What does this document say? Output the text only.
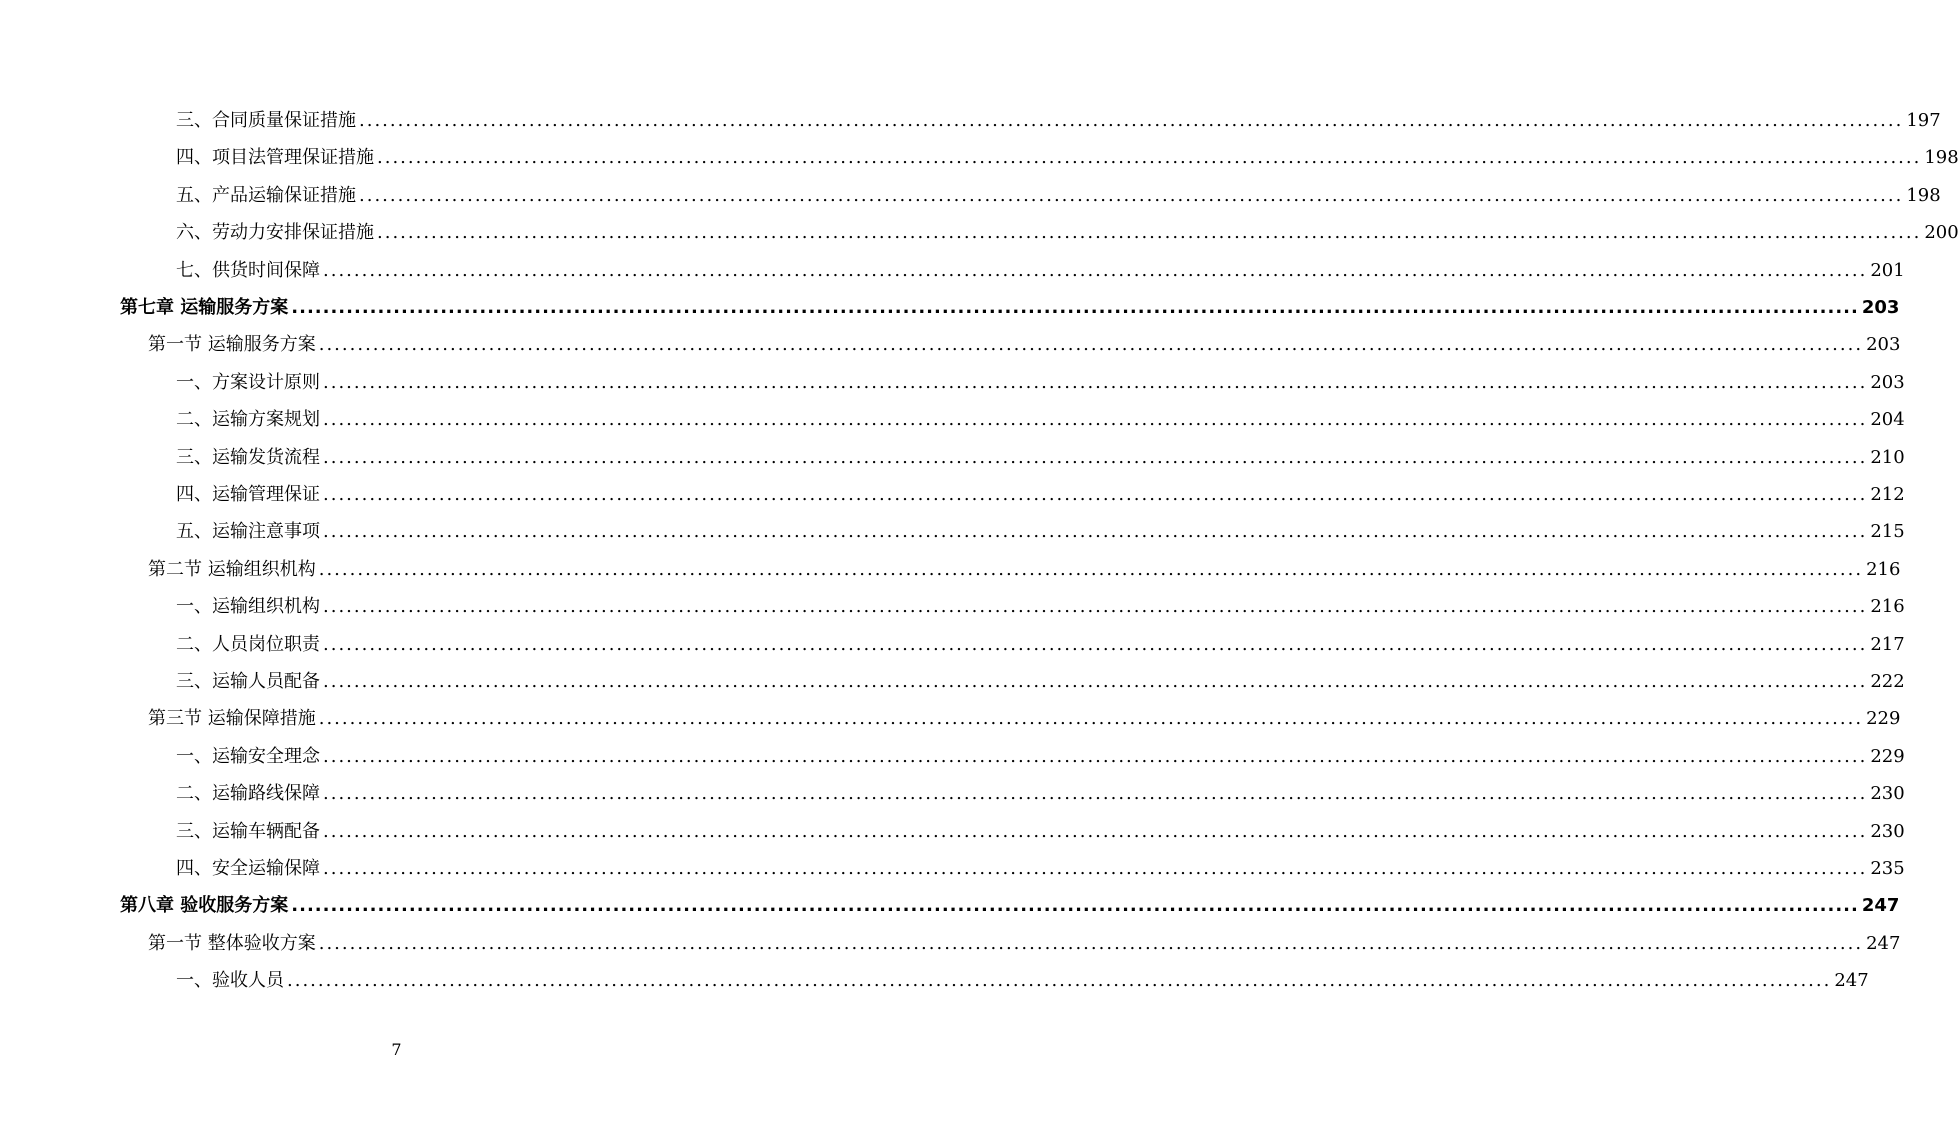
三、合同质量保证措施 ........................................................................................................................................................................................................ 197
四、项目法管理保证措施 ........................................................................................................................................................................................................ 198
五、产品运输保证措施 ........................................................................................................................................................................................................ 198
六、劳动力安排保证措施 ........................................................................................................................................................................................................ 200
七、供货时间保障 ........................................................................................................................................................................................................ 201
第七章 运输服务方案 ........................................................................................................................................................................................................ 203
第一节 运输服务方案 ........................................................................................................................................................................................................ 203
一、方案设计原则 ........................................................................................................................................................................................................ 203
二、运输方案规划 ........................................................................................................................................................................................................ 204
三、运输发货流程 ........................................................................................................................................................................................................ 210
四、运输管理保证 ........................................................................................................................................................................................................ 212
五、运输注意事项 ........................................................................................................................................................................................................ 215
第二节 运输组织机构 ........................................................................................................................................................................................................ 216
一、运输组织机构 ........................................................................................................................................................................................................ 216
二、人员岗位职责 ........................................................................................................................................................................................................ 217
三、运输人员配备 ........................................................................................................................................................................................................ 222
第三节 运输保障措施 ........................................................................................................................................................................................................ 229
一、运输安全理念 ........................................................................................................................................................................................................ 229
二、运输路线保障 ........................................................................................................................................................................................................ 230
三、运输车辆配备 ........................................................................................................................................................................................................ 230
四、安全运输保障 ........................................................................................................................................................................................................ 235
第八章 验收服务方案 ........................................................................................................................................................................................................ 247
第一节 整体验收方案 ........................................................................................................................................................................................................ 247
一、验收人员 ........................................................................................................................................................................................................ 247
7
